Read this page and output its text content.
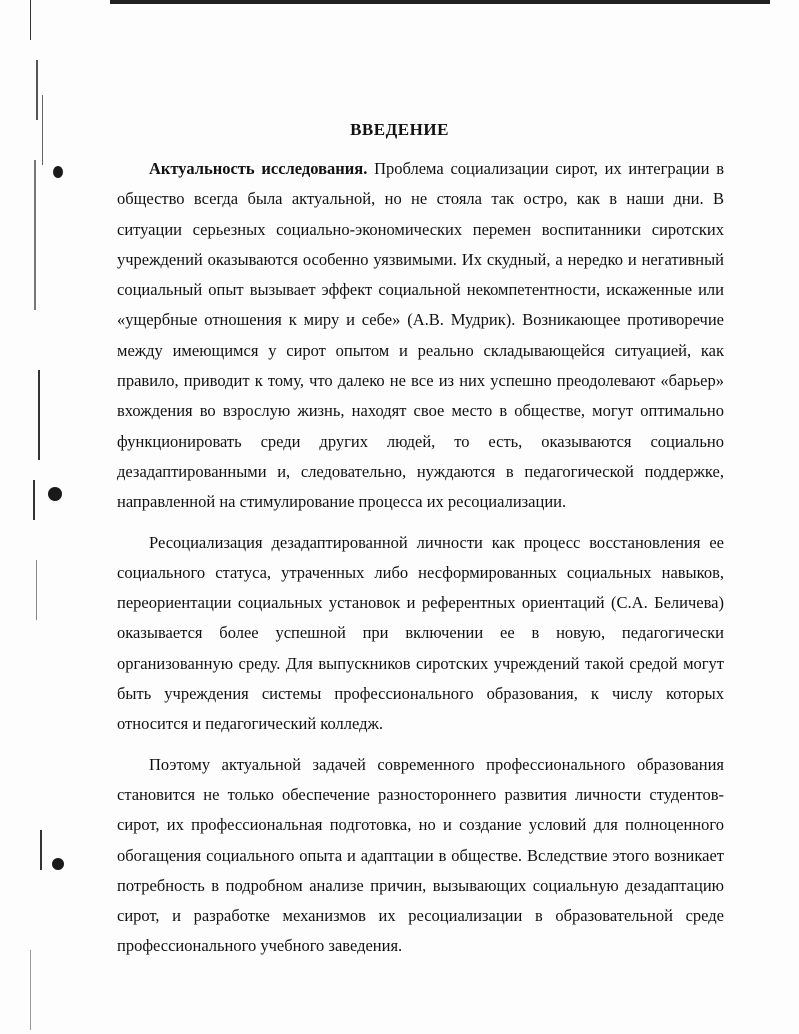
ВВЕДЕНИЕ

Актуальность исследования. Проблема социализации сирот, их интеграции в общество всегда была актуальной, но не стояла так остро, как в наши дни. В ситуации серьезных социально-экономических перемен воспитанники сиротских учреждений оказываются особенно уязвимыми. Их скудный, а нередко и негативный социальный опыт вызывает эффект социальной некомпетентности, искаженные или «ущербные отношения к миру и себе» (А.В. Мудрик). Возникающее противоречие между имеющимся у сирот опытом и реально складывающейся ситуацией, как правило, приводит к тому, что далеко не все из них успешно преодолевают «барьер» вхождения во взрослую жизнь, находят свое место в обществе, могут оптимально функционировать среди других людей, то есть, оказываются социально дезадаптированными и, следовательно, нуждаются в педагогической поддержке, направленной на стимулирование процесса их ресоциализации.

Ресоциализация дезадаптированной личности как процесс восстановления ее социального статуса, утраченных либо несформированных социальных навыков, переориентации социальных установок и референтных ориентаций (С.А. Беличева) оказывается более успешной при включении ее в новую, педагогически организованную среду. Для выпускников сиротских учреждений такой средой могут быть учреждения системы профессионального образования, к числу которых относится и педагогический колледж.

Поэтому актуальной задачей современного профессионального образования становится не только обеспечение разностороннего развития личности студентов-сирот, их профессиональная подготовка, но и создание условий для полноценного обогащения социального опыта и адаптации в обществе. Вследствие этого возникает потребность в подробном анализе причин, вызывающих социальную дезадаптацию сирот, и разработке механизмов их ресоциализации в образовательной среде профессионального учебного заведения.
